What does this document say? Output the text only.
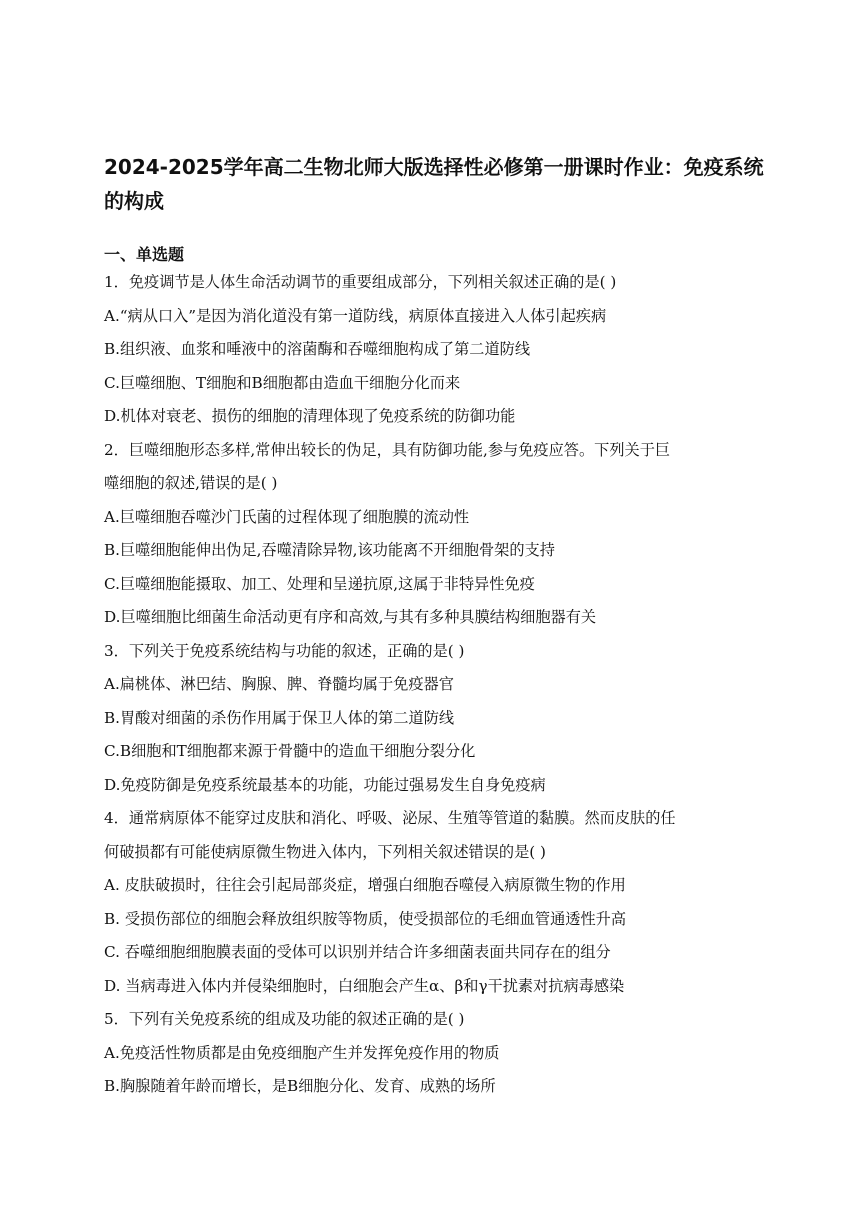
2024-2025学年高二生物北师大版选择性必修第一册课时作业：免疫系统的构成
一、单选题
1．免疫调节是人体生命活动调节的重要组成部分，下列相关叙述正确的是( )
A.“病从口入”是因为消化道没有第一道防线，病原体直接进入人体引起疾病
B.组织液、血浆和唾液中的溶菌酶和吞噬细胞构成了第二道防线
C.巨噬细胞、T细胞和B细胞都由造血干细胞分化而来
D.机体对衰老、损伤的细胞的清理体现了免疫系统的防御功能
2．巨噬细胞形态多样,常伸出较长的伪足，具有防御功能,参与免疫应答。下列关于巨
噬细胞的叙述,错误的是( )
A.巨噬细胞吞噬沙门氏菌的过程体现了细胞膜的流动性
B.巨噬细胞能伸出伪足,吞噬清除异物,该功能离不开细胞骨架的支持
C.巨噬细胞能摄取、加工、处理和呈递抗原,这属于非特异性免疫
D.巨噬细胞比细菌生命活动更有序和高效,与其有多种具膜结构细胞器有关
3．下列关于免疫系统结构与功能的叙述，正确的是( )
A.扁桃体、淋巴结、胸腺、脾、脊髓均属于免疫器官
B.胃酸对细菌的杀伤作用属于保卫人体的第二道防线
C.B细胞和T细胞都来源于骨髓中的造血干细胞分裂分化
D.免疫防御是免疫系统最基本的功能，功能过强易发生自身免疫病
4．通常病原体不能穿过皮肤和消化、呼吸、泌尿、生殖等管道的黏膜。然而皮肤的任
何破损都有可能使病原微生物进入体内，下列相关叙述错误的是( )
A. 皮肤破损时，往往会引起局部炎症，增强白细胞吞噬侵入病原微生物的作用
B. 受损伤部位的细胞会释放组织胺等物质，使受损部位的毛细血管通透性升高
C. 吞噬细胞细胞膜表面的受体可以识别并结合许多细菌表面共同存在的组分
D. 当病毒进入体内并侵染细胞时，白细胞会产生α、β和γ干扰素对抗病毒感染
5．下列有关免疫系统的组成及功能的叙述正确的是( )
A.免疫活性物质都是由免疫细胞产生并发挥免疫作用的物质
B.胸腺随着年龄而增长，是B细胞分化、发育、成熟的场所
